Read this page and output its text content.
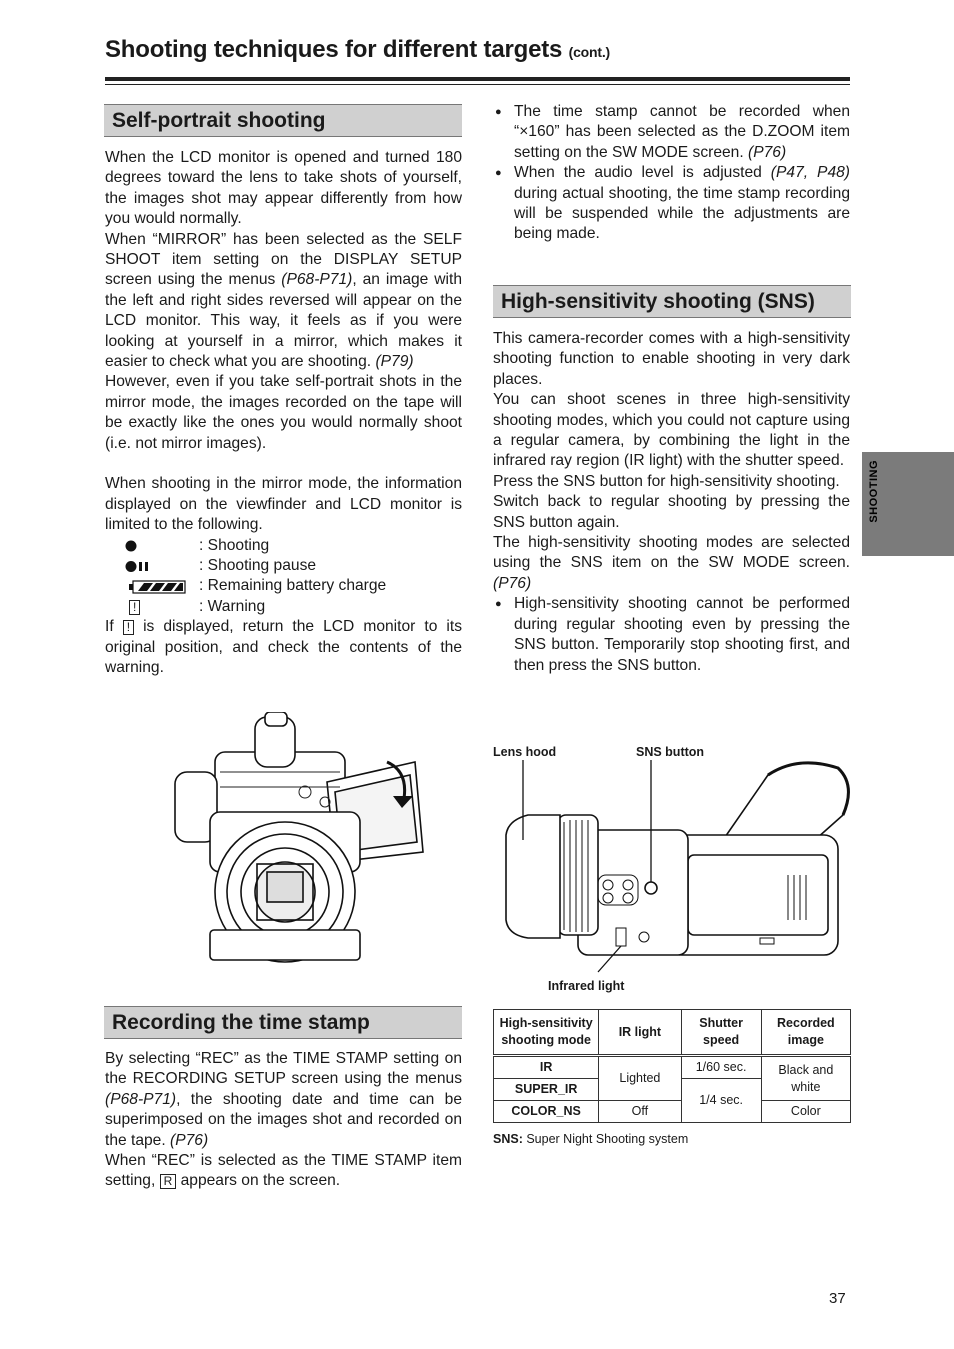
Shooting techniques for different targets (cont.)
SHOOTING
Self-portrait shooting

When the LCD monitor is opened and turned 180 degrees toward the lens to take shots of yourself, the images shot may appear differently from how you would normally.

When “MIRROR” has been selected as the SELF SHOOT item setting on the DISPLAY SETUP screen using the menus (P68-P71), an image with the left and right sides reversed will appear on the LCD monitor. This way, it feels as if you were looking at yourself in a mirror, which makes it easier to check what you are shooting. (P79)

However, even if you take self-portrait shots in the mirror mode, the images recorded on the tape will be exactly like the ones you would normally shoot (i.e. not mirror images).

When shooting in the mirror mode, the information displayed on the viewfinder and LCD monitor is limited to the following.

: Shooting
: Shooting pause
: Remaining battery charge
!	: Warning

If ! is displayed, return the LCD monitor to its original position, and check the contents of the warning.

Recording the time stamp

By selecting “REC” as the TIME STAMP setting on the RECORDING SETUP screen using the menus (P68-P71), the shooting date and time can be superimposed on the images shot and recorded on the tape. (P76)

When “REC” is selected as the TIME STAMP item setting, R appears on the screen.

● The time stamp cannot be recorded when “×160” has been selected as the D.ZOOM item setting on the SW MODE screen. (P76)

● When the audio level is adjusted (P47, P48) during actual shooting, the time stamp recording will be suspended while the adjustments are being made.

High-sensitivity shooting (SNS)

This camera-recorder comes with a high-sensitivity shooting function to enable shooting in very dark places.

You can shoot scenes in three high-sensitivity shooting modes, which you could not capture using a regular camera, by combining the light in the infrared ray region (IR light) with the shutter speed.

Press the SNS button for high-sensitivity shooting.

Switch back to regular shooting by pressing the SNS button again.

The high-sensitivity shooting modes are selected using the SNS item on the SW MODE screen. (P76)

● High-sensitivity shooting cannot be performed during regular shooting even by pressing the SNS button. Temporarily stop shooting first, and then press the SNS button.

Lens hood	SNS button
Infrared light
High-sensitivity shooting mode	IR light	Shutter speed	Recorded image
IR	Lighted	1/60 sec.	Black and white
SUPER_IR		1/4 sec.	
COLOR_NS	Off		Color
SNS: Super Night Shooting system
37
